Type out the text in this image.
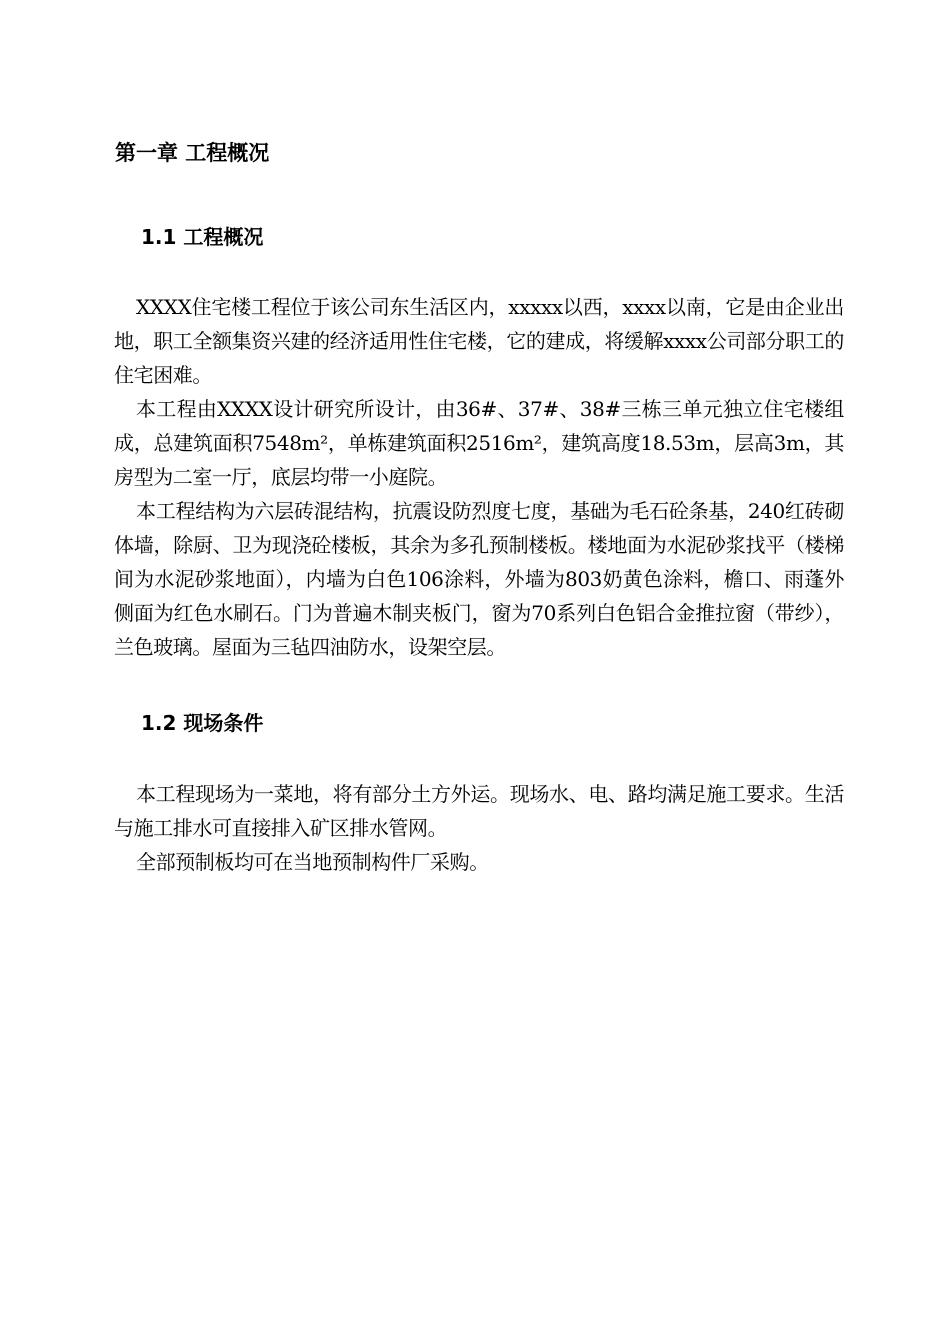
第一章 工程概况
1.1 工程概况

XXXX住宅楼工程位于该公司东生活区内，xxxxx以西，xxxx以南，它是由企业出地，职工全额集资兴建的经济适用性住宅楼，它的建成，将缓解xxxx公司部分职工的住宅困难。

本工程由XXXX设计研究所设计，由36#、37#、38#三栋三单元独立住宅楼组成，总建筑面积7548m²，单栋建筑面积2516m²，建筑高度18.53m，层高3m，其房型为二室一厅，底层均带一小庭院。

本工程结构为六层砖混结构，抗震设防烈度七度，基础为毛石砼条基，240红砖砌体墙，除厨、卫为现浇砼楼板，其余为多孔预制楼板。楼地面为水泥砂浆找平（楼梯间为水泥砂浆地面），内墙为白色106涂料，外墙为803奶黄色涂料，檐口、雨蓬外侧面为红色水刷石。门为普遍木制夹板门，窗为70系列白色铝合金推拉窗（带纱），兰色玻璃。屋面为三毡四油防水，设架空层。

1.2 现场条件

本工程现场为一菜地，将有部分土方外运。现场水、电、路均满足施工要求。生活与施工排水可直接排入矿区排水管网。

全部预制板均可在当地预制构件厂采购。
